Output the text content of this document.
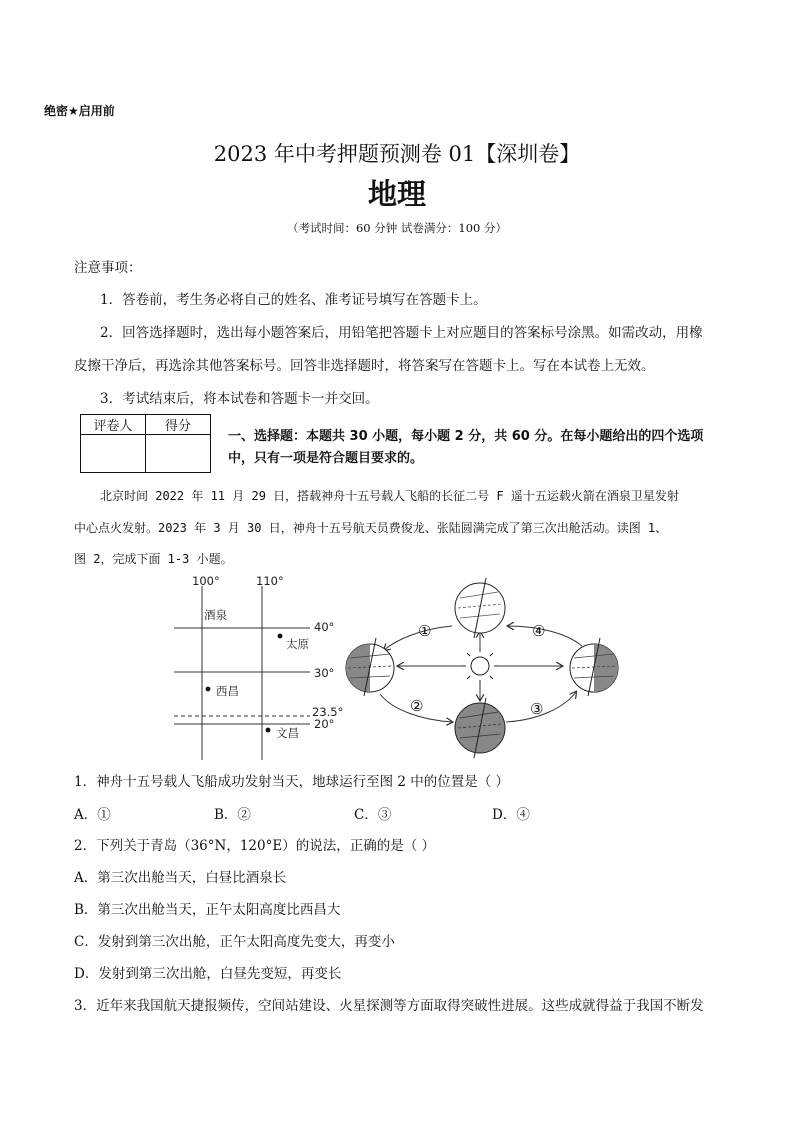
绝密★启用前
2023 年中考押题预测卷 01【深圳卷】
地理
（考试时间：60 分钟 试卷满分：100 分）
注意事项：
1．答卷前，考生务必将自己的姓名、准考证号填写在答题卡上。
2．回答选择题时，选出每小题答案后，用铅笔把答题卡上对应题目的答案标号涂黑。如需改动，用橡
皮擦干净后，再选涂其他答案标号。回答非选择题时，将答案写在答题卡上。写在本试卷上无效。
3．考试结束后，将本试卷和答题卡一并交回。
评卷人	得分

一、选择题：本题共 30 小题，每小题 2 分，共 60 分。在每小题给出的四个选项
中，只有一项是符合题目要求的。
北京时间 2022 年 11 月 29 日，搭载神舟十五号载人飞船的长征二号 F 遥十五运载火箭在酒泉卫星发射
中心点火发射。2023 年 3 月 30 日，神舟十五号航天员费俊龙、张陆圆满完成了第三次出舱活动。读图 1、
图 2，完成下面 1-3 小题。
100°	110°
40°
30°
23.5°
20°
酒泉
太原
西昌
文昌
①
②	③
④
1．神舟十五号载人飞船成功发射当天，地球运行至图 2 中的位置是（ ）
A．①	B．②	C．③	D．④
2．下列关于青岛（36°N，120°E）的说法，正确的是（ ）
A．第三次出舱当天，白昼比酒泉长
B．第三次出舱当天，正午太阳高度比西昌大
C．发射到第三次出舱，正午太阳高度先变大，再变小
D．发射到第三次出舱，白昼先变短，再变长
3．近年来我国航天捷报频传，空间站建设、火星探测等方面取得突破性进展。这些成就得益于我国不断发
